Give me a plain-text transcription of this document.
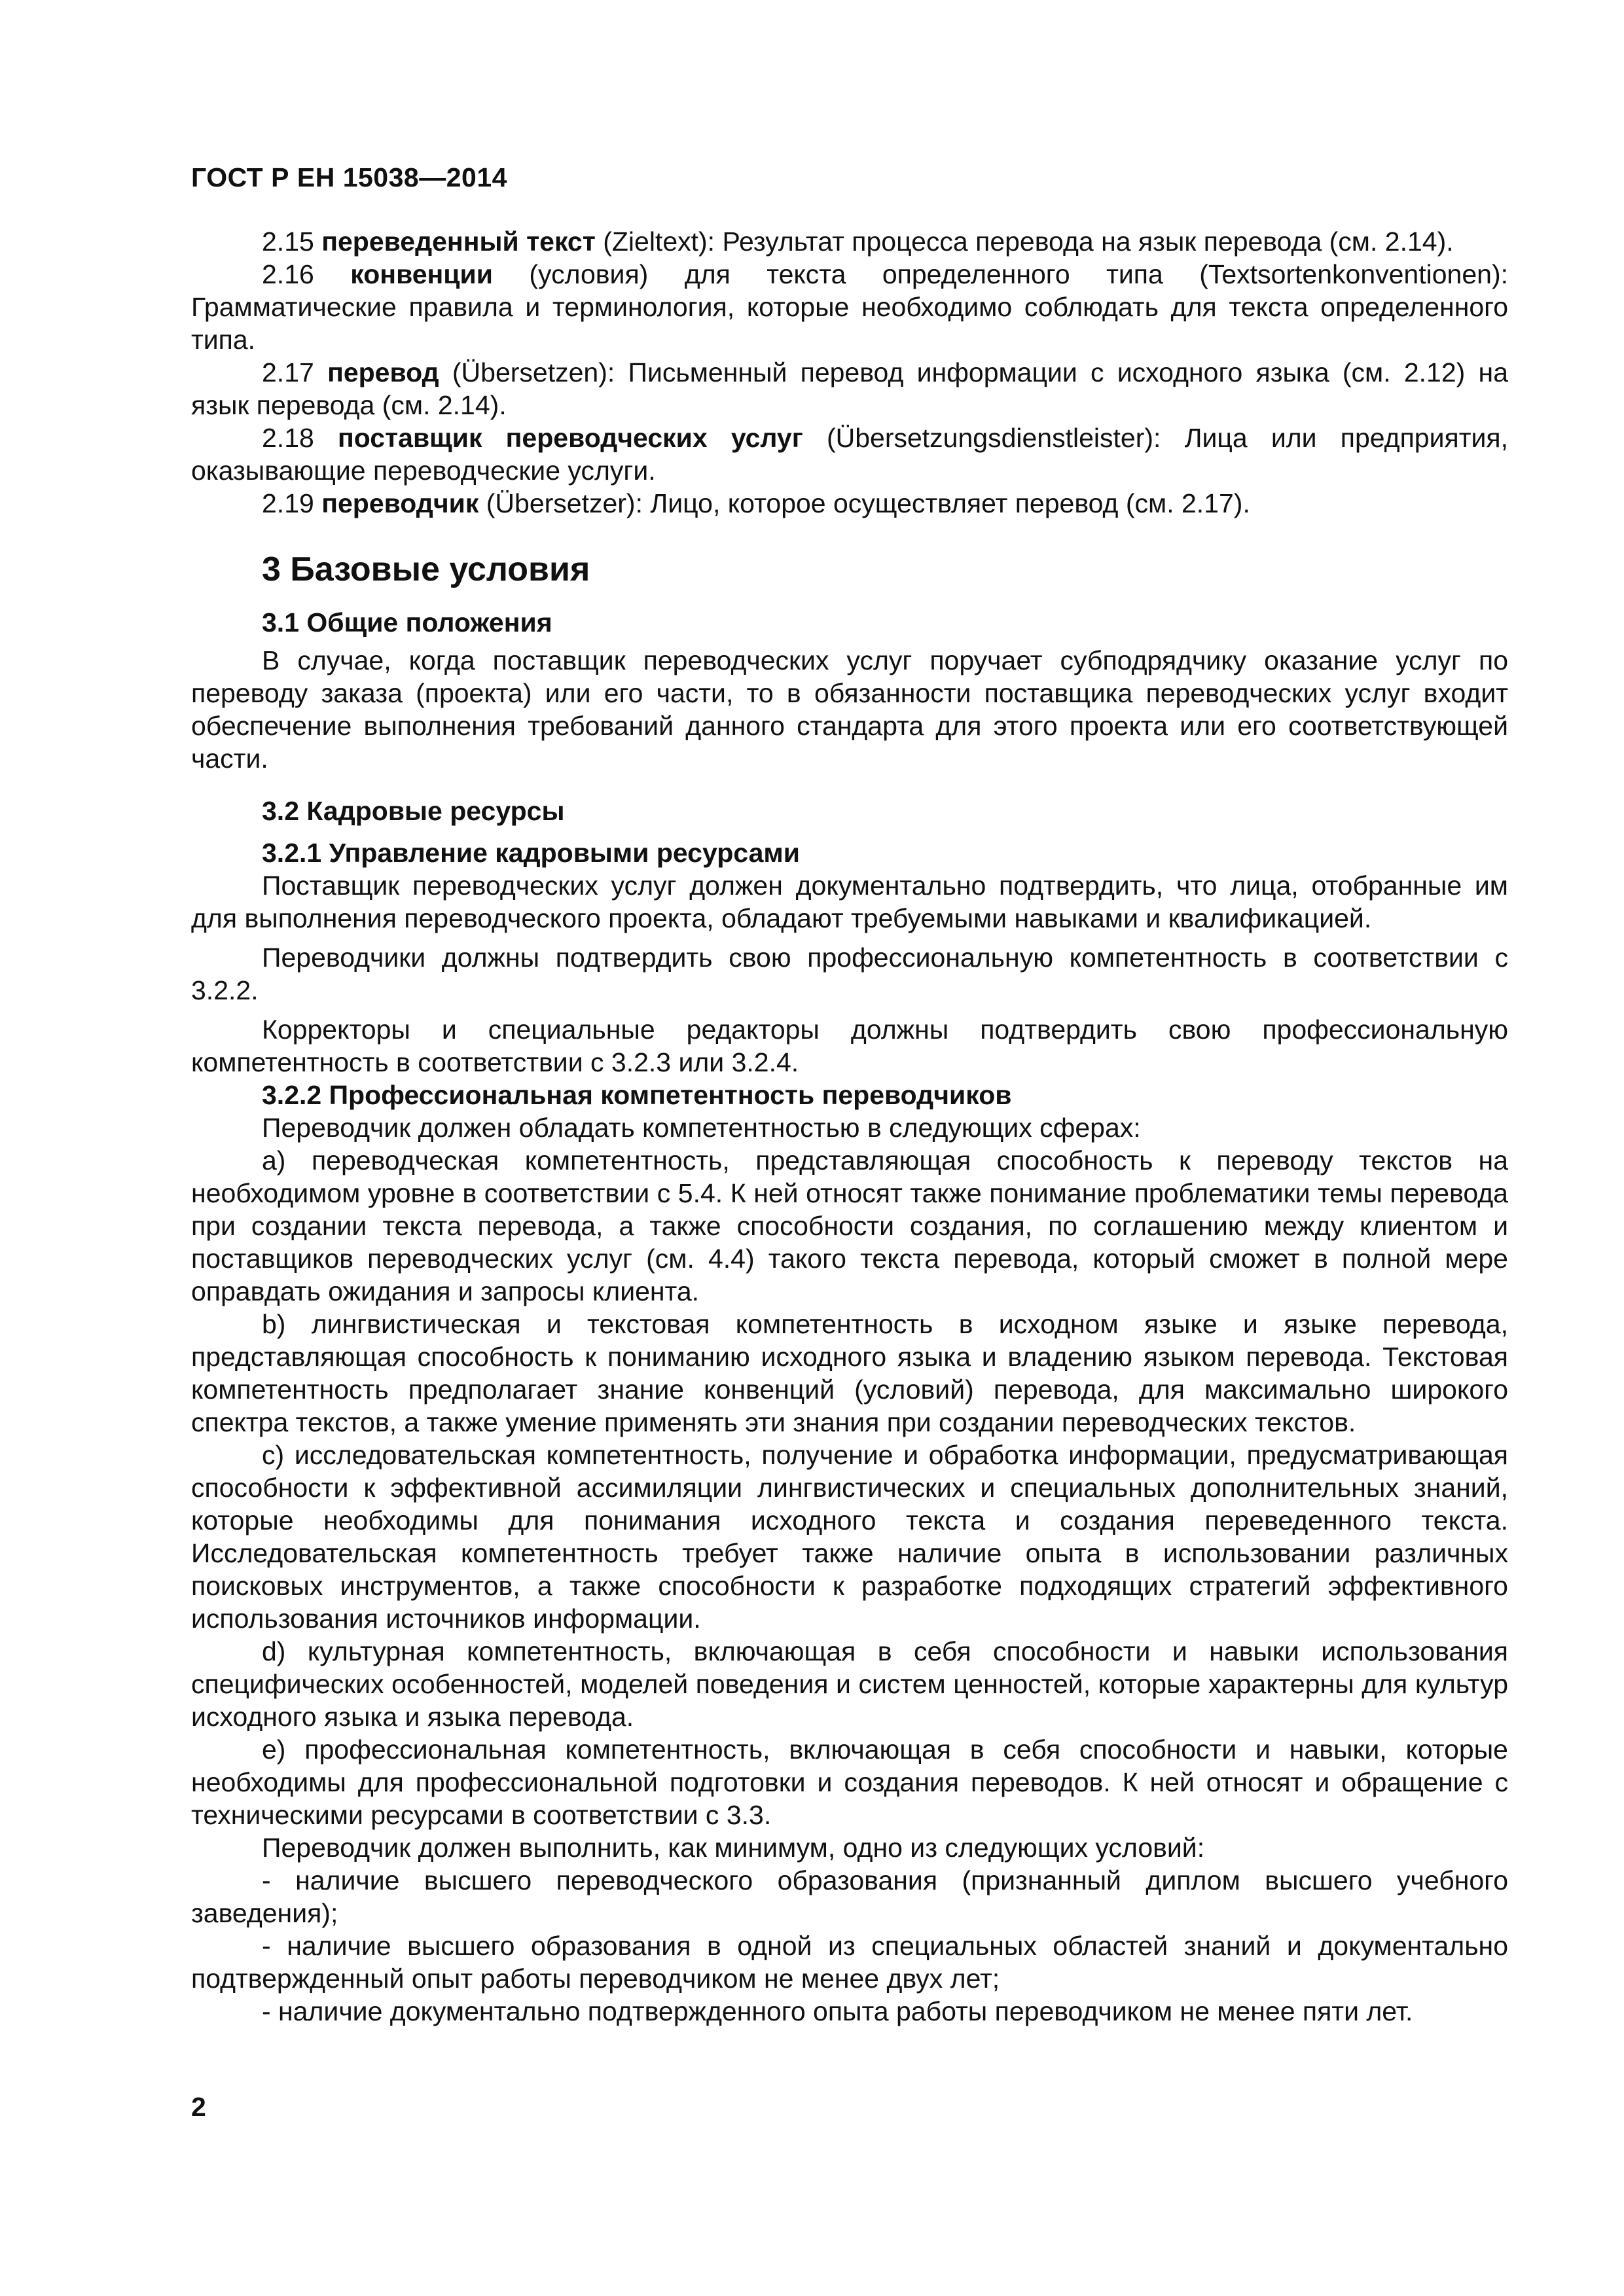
ГОСТ Р ЕН 15038—2014

2.15 переведенный текст (Zieltext): Результат процесса перевода на язык перевода (см. 2.14).

2.16 конвенции (условия) для текста определенного типа (Textsortenkonventionen): Грамматические правила и терминология, которые необходимо соблюдать для текста определенного типа.

2.17 перевод (Übersetzen): Письменный перевод информации с исходного языка (см. 2.12) на язык перевода (см. 2.14).

2.18 поставщик переводческих услуг (Übersetzungsdienstleister): Лица или предприятия, оказывающие переводческие услуги.

2.19 переводчик (Übersetzer): Лицо, которое осуществляет перевод (см. 2.17).

3 Базовые условия
3.1 Общие положения

В случае, когда поставщик переводческих услуг поручает субподрядчику оказание услуг по переводу заказа (проекта) или его части, то в обязанности поставщика переводческих услуг входит обеспечение выполнения требований данного стандарта для этого проекта или его соответствующей части.

3.2 Кадровые ресурсы
3.2.1 Управление кадровыми ресурсами

Поставщик переводческих услуг должен документально подтвердить, что лица, отобранные им для выполнения переводческого проекта, обладают требуемыми навыками и квалификацией.

Переводчики должны подтвердить свою профессиональную компетентность в соответствии с 3.2.2.

Корректоры и специальные редакторы должны подтвердить свою профессиональную компетентность в соответствии с 3.2.3 или 3.2.4.

3.2.2 Профессиональная компетентность переводчиков

Переводчик должен обладать компетентностью в следующих сферах:

a) переводческая компетентность, представляющая способность к переводу текстов на необходимом уровне в соответствии с 5.4. К ней относят также понимание проблематики темы перевода при создании текста перевода, а также способности создания, по соглашению между клиентом и поставщиков переводческих услуг (см. 4.4) такого текста перевода, который сможет в полной мере оправдать ожидания и запросы клиента.

b) лингвистическая и текстовая компетентность в исходном языке и языке перевода, представляющая способность к пониманию исходного языка и владению языком перевода. Текстовая компетентность предполагает знание конвенций (условий) перевода, для максимально широкого спектра текстов, а также умение применять эти знания при создании переводческих текстов.

c) исследовательская компетентность, получение и обработка информации, предусматривающая способности к эффективной ассимиляции лингвистических и специальных дополнительных знаний, которые необходимы для понимания исходного текста и создания переведенного текста. Исследовательская компетентность требует также наличие опыта в использовании различных поисковых инструментов, а также способности к разработке подходящих стратегий эффективного использования источников информации.

d) культурная компетентность, включающая в себя способности и навыки использования специфических особенностей, моделей поведения и систем ценностей, которые характерны для культур исходного языка и языка перевода.

e) профессиональная компетентность, включающая в себя способности и навыки, которые необходимы для профессиональной подготовки и создания переводов. К ней относят и обращение с техническими ресурсами в соответствии с 3.3.

Переводчик должен выполнить, как минимум, одно из следующих условий:

- наличие высшего переводческого образования (признанный диплом высшего учебного заведения);

- наличие высшего образования в одной из специальных областей знаний и документально подтвержденный опыт работы переводчиком не менее двух лет;

- наличие документально подтвержденного опыта работы переводчиком не менее пяти лет.

2
